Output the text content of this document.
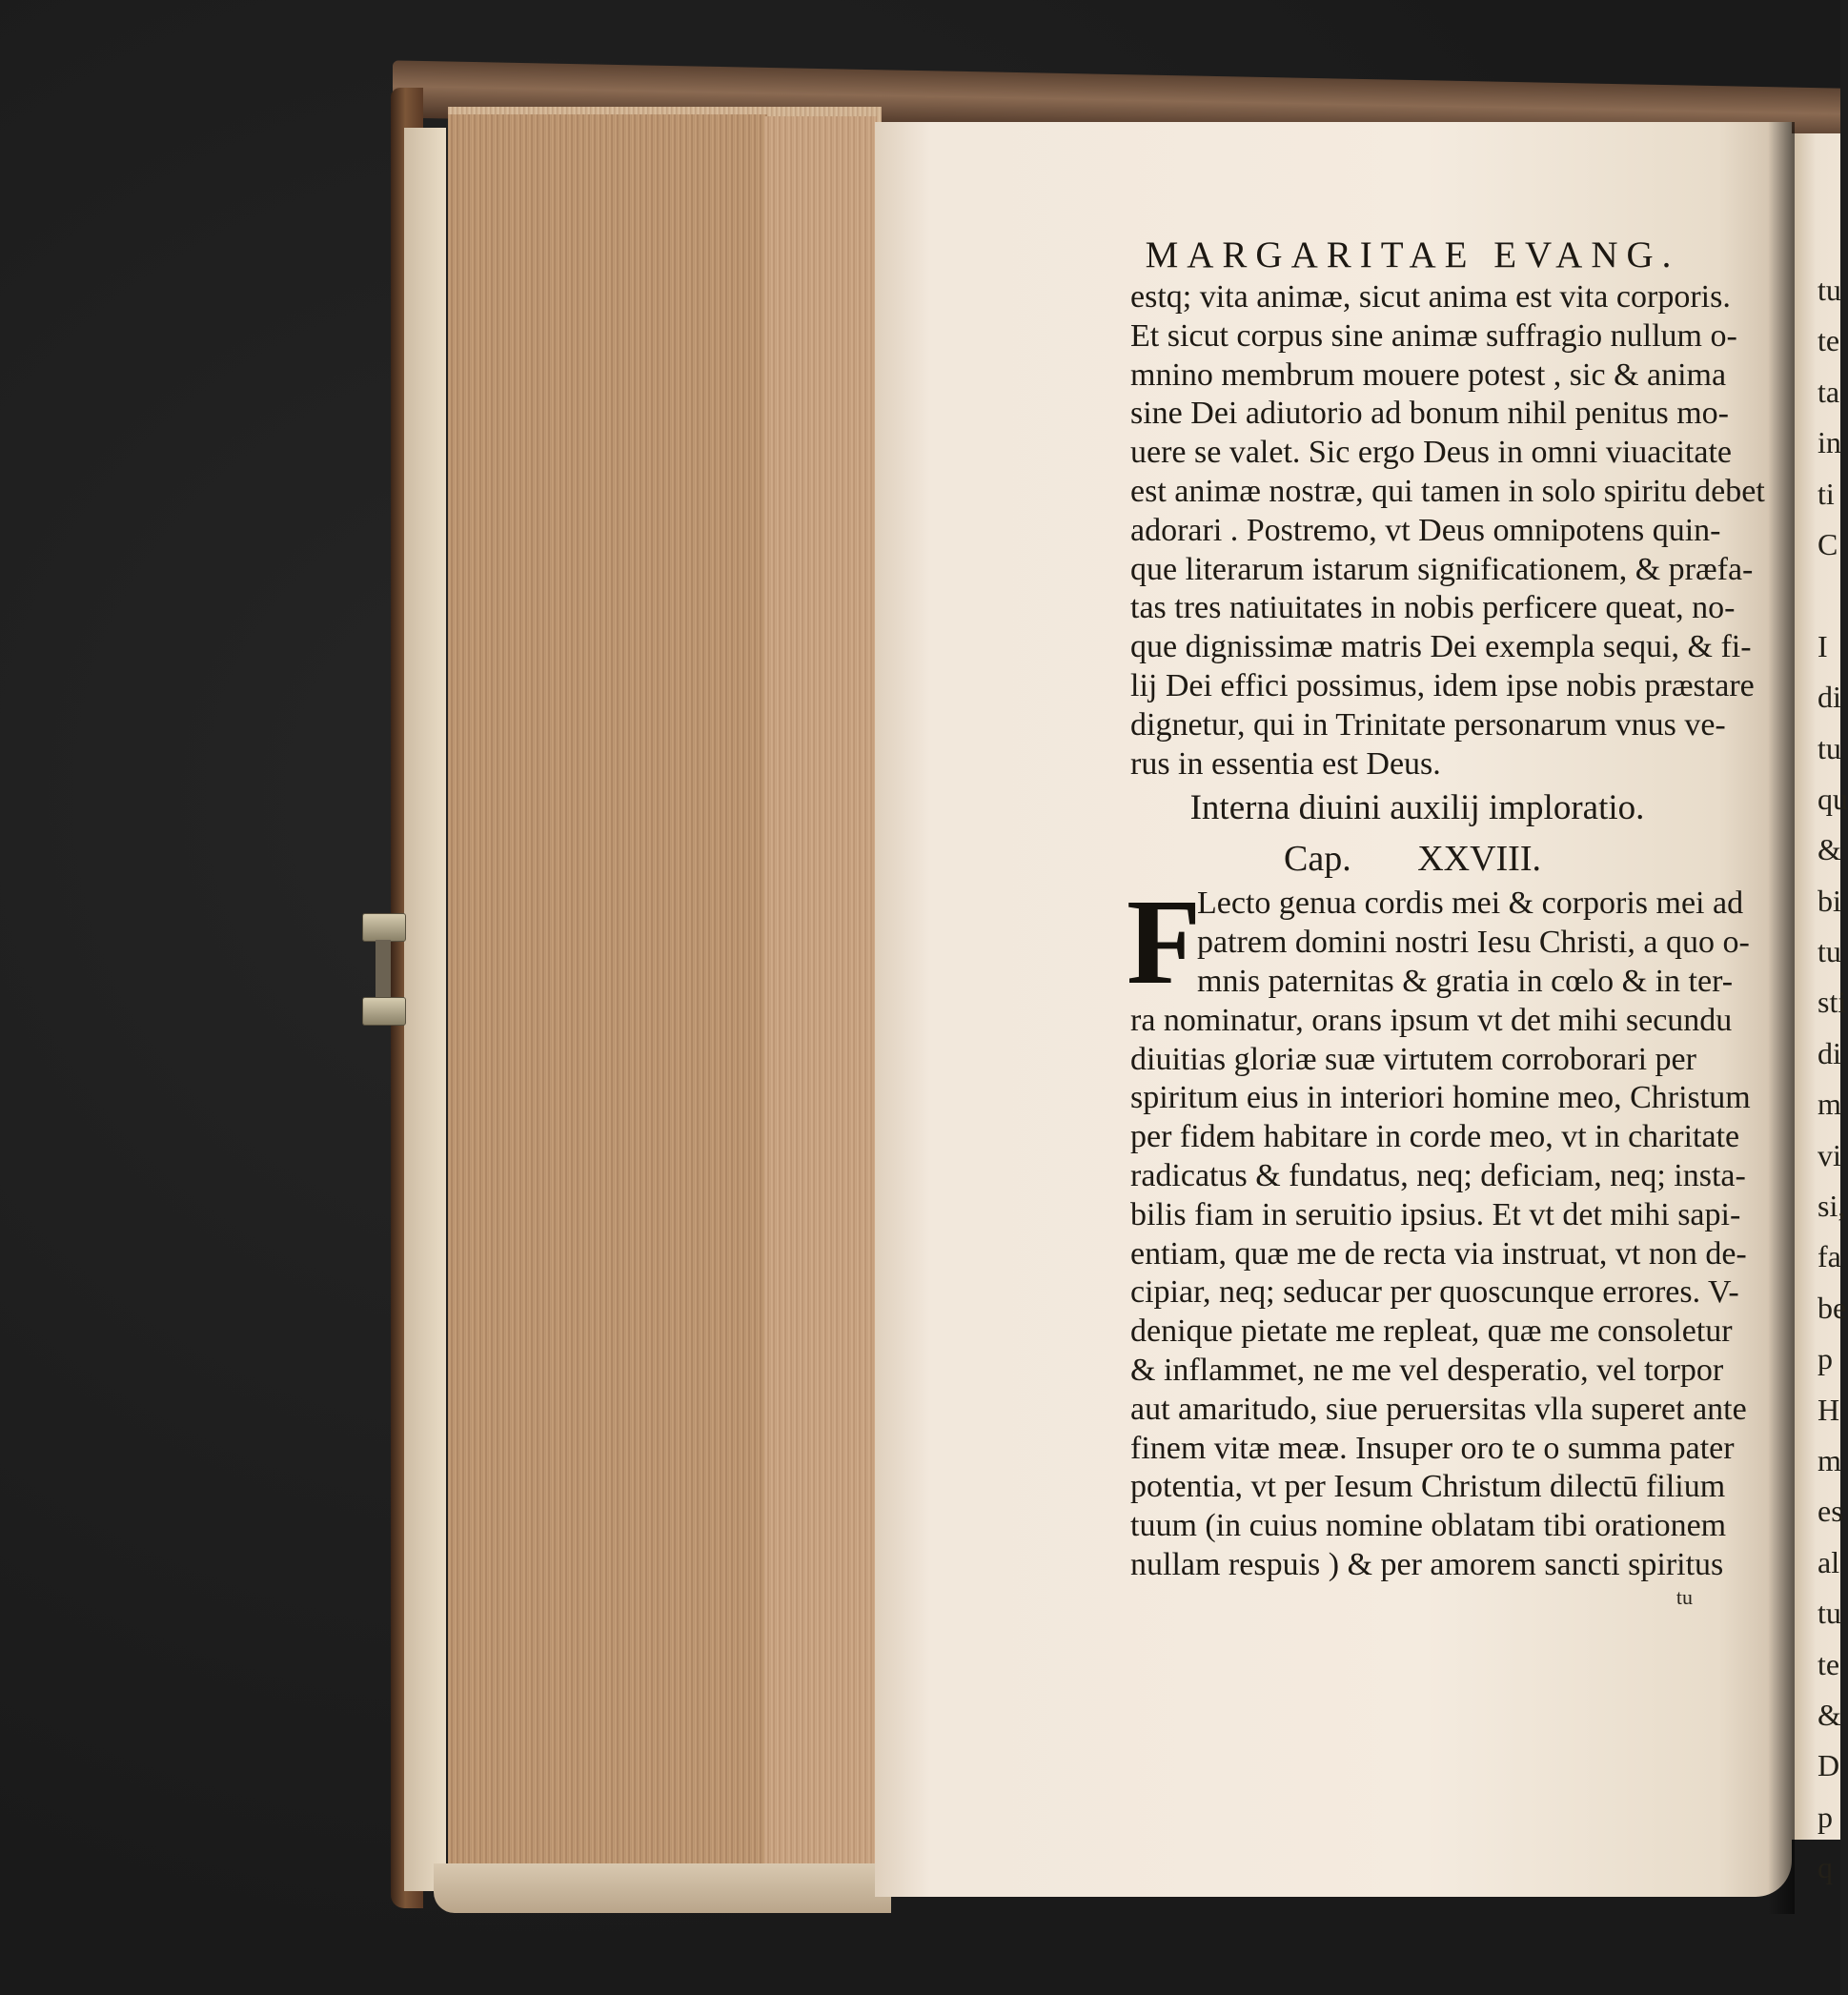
tu
te
ta
in
ti
C
I
di
tu
qu
&
bi
tu
sti
di
m
vi
si,
fa
be
p
H
m
es
al
tu
te
&
D
p
q
MARGARITAE EVANG.
estq; vita animæ, sicut anima est vita corporis.
Et sicut corpus sine animæ suffragio nullum o-
mnino membrum mouere potest , sic & anima
sine Dei adiutorio ad bonum nihil penitus mo-
uere se valet. Sic ergo Deus in omni viuacitate
est animæ nostræ, qui tamen in solo spiritu debet
adorari . Postremo, vt Deus omnipotens quin-
que literarum istarum significationem, & præfa-
tas tres natiuitates in nobis perficere queat, no-
que dignissimæ matris Dei exempla sequi, & fi-
lij Dei effici possimus, idem ipse nobis præstare
dignetur, qui in Trinitate personarum vnus ve-
rus in essentia est Deus.
Interna diuini auxilij imploratio.
Cap. XXVIII.
F
Lecto genua cordis mei & corporis mei ad
patrem domini nostri Iesu Christi, a quo o-
mnis paternitas & gratia in cœlo & in ter-
ra nominatur, orans ipsum vt det mihi secundu
diuitias gloriæ suæ virtutem corroborari per
spiritum eius in interiori homine meo, Christum
per fidem habitare in corde meo, vt in charitate
radicatus & fundatus, neq; deficiam, neq; insta-
bilis fiam in seruitio ipsius. Et vt det mihi sapi-
entiam, quæ me de recta via instruat, vt non de-
cipiar, neq; seducar per quoscunque errores. V-
denique pietate me repleat, quæ me consoletur
& inflammet, ne me vel desperatio, vel torpor
aut amaritudo, siue peruersitas vlla superet ante
finem vitæ meæ. Insuper oro te o summa pater
potentia, vt per Iesum Christum dilectū filium
tuum (in cuius nomine oblatam tibi orationem
nullam respuis ) & per amorem sancti spiritus
tu
